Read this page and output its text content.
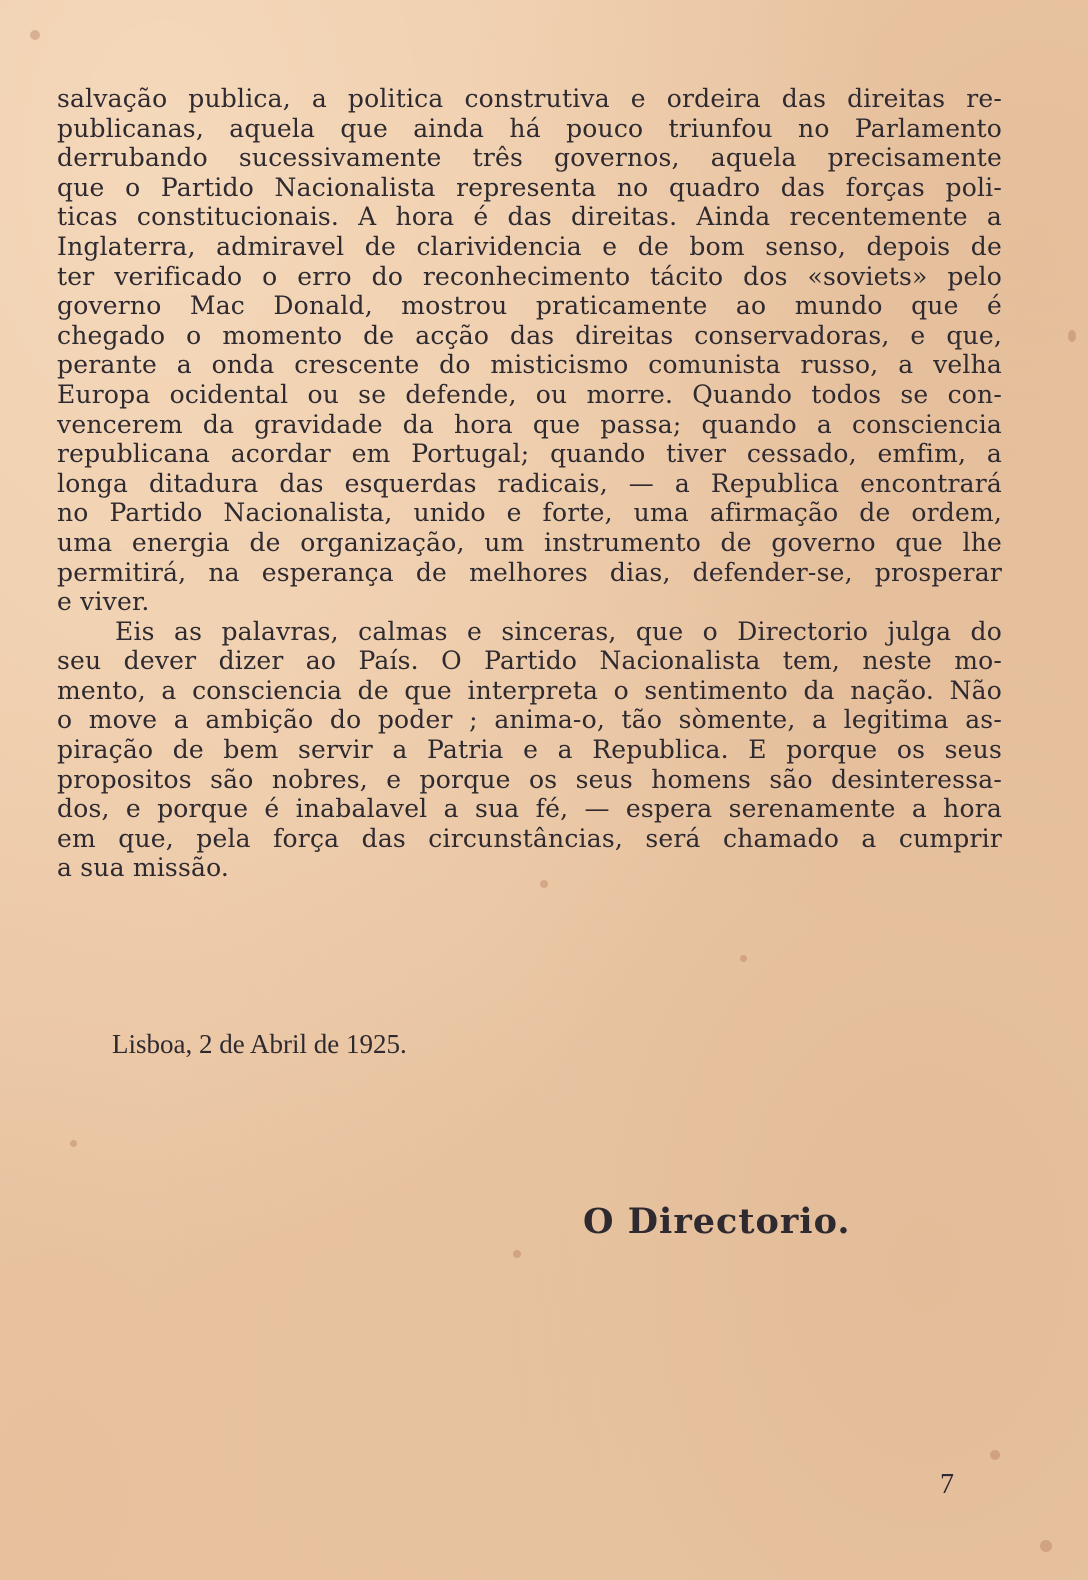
salvação publica, a politica construtiva e ordeira das direitas re-
publicanas, aquela que ainda há pouco triunfou no Parlamento
derrubando sucessivamente três governos, aquela precisamente
que o Partido Nacionalista representa no quadro das forças poli-
ticas constitucionais. A hora é das direitas. Ainda recentemente a
Inglaterra, admiravel de clarividencia e de bom senso, depois de
ter verificado o erro do reconhecimento tácito dos «soviets» pelo
governo Mac Donald, mostrou praticamente ao mundo que é
chegado o momento de acção das direitas conservadoras, e que,
perante a onda crescente do misticismo comunista russo, a velha
Europa ocidental ou se defende, ou morre. Quando todos se con-
vencerem da gravidade da hora que passa; quando a consciencia
republicana acordar em Portugal; quando tiver cessado, emfim, a
longa ditadura das esquerdas radicais, — a Republica encontrará
no Partido Nacionalista, unido e forte, uma afirmação de ordem,
uma energia de organização, um instrumento de governo que lhe
permitirá, na esperança de melhores dias, defender-se, prosperar
e viver.
Eis as palavras, calmas e sinceras, que o Directorio julga do
seu dever dizer ao País. O Partido Nacionalista tem, neste mo-
mento, a consciencia de que interpreta o sentimento da nação. Não
o move a ambição do poder ; anima-o, tão sòmente, a legitima as-
piração de bem servir a Patria e a Republica. E porque os seus
propositos são nobres, e porque os seus homens são desinteressa-
dos, e porque é inabalavel a sua fé, — espera serenamente a hora
em que, pela força das circunstâncias, será chamado a cumprir
a sua missão.
Lisboa, 2 de Abril de 1925.
O Directorio.
7
